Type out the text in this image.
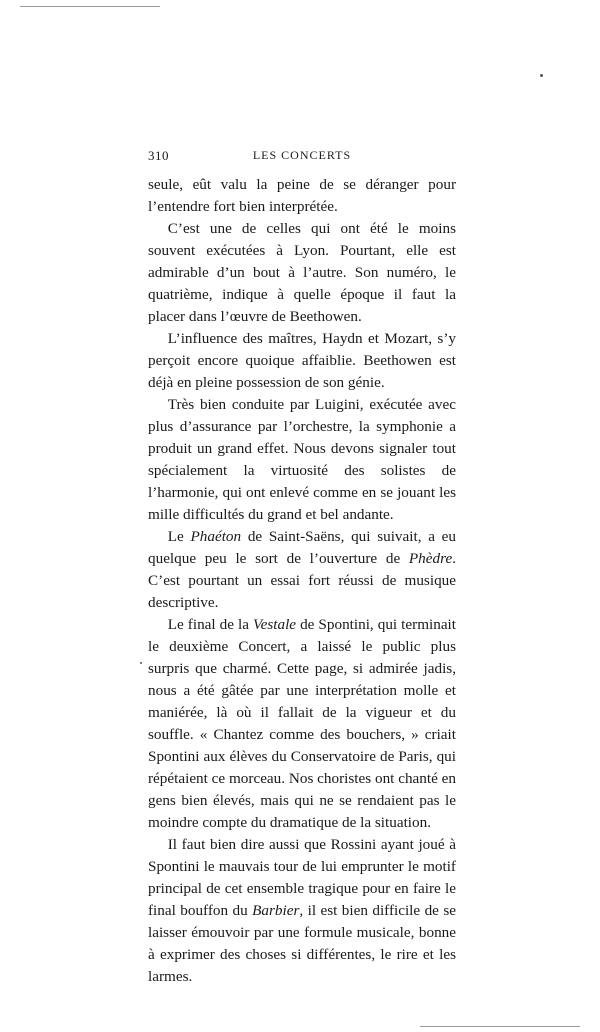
310	LES CONCERTS

seule, eût valu la peine de se déranger pour l’entendre fort bien interprétée.

C’est une de celles qui ont été le moins souvent exécutées à Lyon. Pourtant, elle est admirable d’un bout à l’autre. Son numéro, le quatrième, indique à quelle époque il faut la placer dans l’œuvre de Beethowen.

L’influence des maîtres, Haydn et Mozart, s’y perçoit encore quoique affaiblie. Beethowen est déjà en pleine possession de son génie.

Très bien conduite par Luigini, exécutée avec plus d’assurance par l’orchestre, la symphonie a produit un grand effet. Nous devons signaler tout spécialement la virtuosité des solistes de l’harmonie, qui ont enlevé comme en se jouant les mille difficultés du grand et bel andante.

Le Phaéton de Saint-Saëns, qui suivait, a eu quelque peu le sort de l’ouverture de Phèdre. C’est pourtant un essai fort réussi de musique descriptive.

Le final de la Vestale de Spontini, qui terminait le deuxième Concert, a laissé le public plus surpris que charmé. Cette page, si admirée jadis, nous a été gâtée par une interprétation molle et maniérée, là où il fallait de la vigueur et du souffle. « Chantez comme des bouchers, » criait Spontini aux élèves du Conservatoire de Paris, qui répétaient ce morceau. Nos choristes ont chanté en gens bien élevés, mais qui ne se rendaient pas le moindre compte du dramatique de la situation.

Il faut bien dire aussi que Rossini ayant joué à Spontini le mauvais tour de lui emprunter le motif principal de cet ensemble tragique pour en faire le final bouffon du Barbier, il est bien difficile de se laisser émouvoir par une formule musicale, bonne à exprimer des choses si différentes, le rire et les larmes.
